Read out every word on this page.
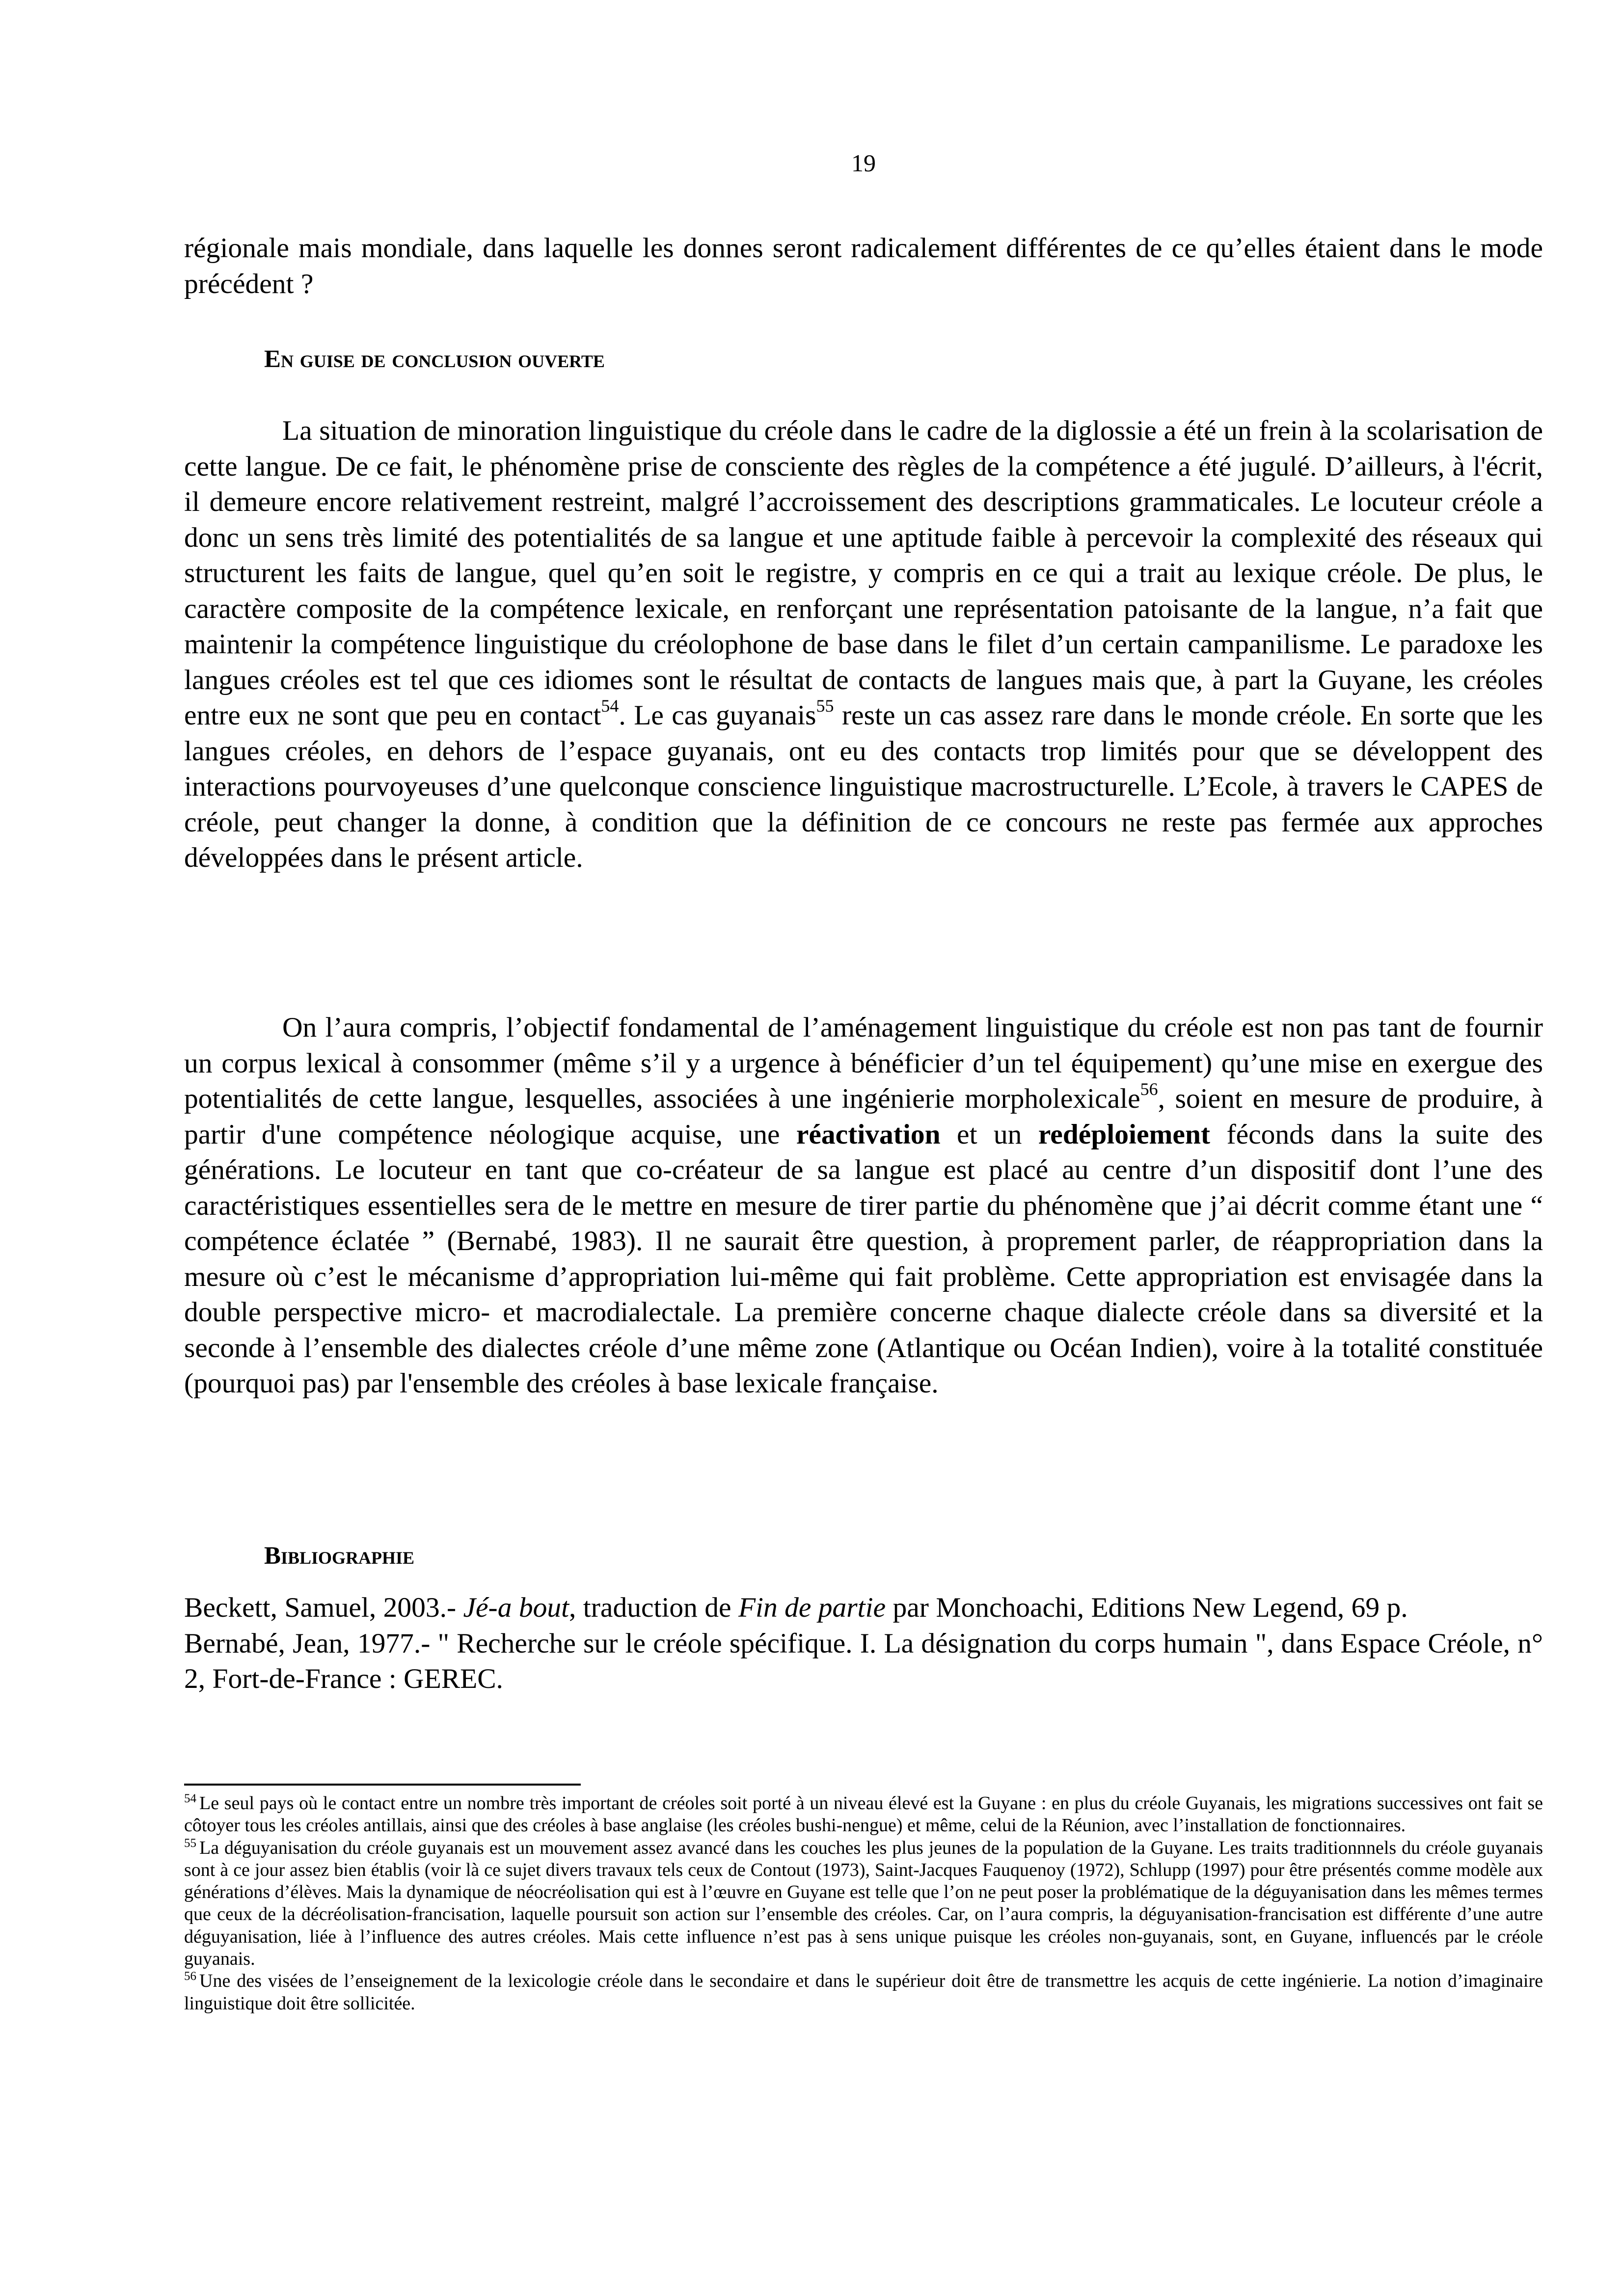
19

régionale mais mondiale, dans laquelle les donnes seront radicalement différentes de ce qu’elles étaient dans le mode précédent ?

En guise de conclusion ouverte

La situation de minoration linguistique du créole dans le cadre de la diglossie a été un frein à la scolarisation de cette langue. De ce fait, le phénomène prise de consciente des règles de la compétence a été jugulé. D’ailleurs, à l'écrit, il demeure encore relativement restreint, malgré l’accroissement des descriptions grammaticales. Le locuteur créole a donc un sens très limité des potentialités de sa langue et une aptitude faible à percevoir la complexité des réseaux qui structurent les faits de langue, quel qu’en soit le registre, y compris en ce qui a trait au lexique créole. De plus, le caractère composite de la compétence lexicale, en renforçant une représentation patoisante de la langue, n’a fait que maintenir la compétence linguistique du créolophone de base dans le filet d’un certain campanilisme. Le paradoxe les langues créoles est tel que ces idiomes sont le résultat de contacts de langues mais que, à part la Guyane, les créoles entre eux ne sont que peu en contact$^{54}$. Le cas guyanais$^{55}$ reste un cas assez rare dans le monde créole. En sorte que les langues créoles, en dehors de l’espace guyanais, ont eu des contacts trop limités pour que se développent des interactions pourvoyeuses d’une quelconque conscience linguistique macrostructurelle. L’Ecole, à travers le CAPES de créole, peut changer la donne, à condition que la définition de ce concours ne reste pas fermée aux approches développées dans le présent article.

On l’aura compris, l’objectif fondamental de l’aménagement linguistique du créole est non pas tant de fournir un corpus lexical à consommer (même s’il y a urgence à bénéficier d’un tel équipement) qu’une mise en exergue des potentialités de cette langue, lesquelles, associées à une ingénierie morpholexicale$^{56}$, soient en mesure de produire, à partir d'une compétence néologique acquise, une réactivation et un redéploiement féconds dans la suite des générations. Le locuteur en tant que co-créateur de sa langue est placé au centre d’un dispositif dont l’une des caractéristiques essentielles sera de le mettre en mesure de tirer partie du phénomène que j’ai décrit comme étant une “ compétence éclatée ” (Bernabé, 1983). Il ne saurait être question, à proprement parler, de réappropriation dans la mesure où c’est le mécanisme d’appropriation lui-même qui fait problème. Cette appropriation est envisagée dans la double perspective micro- et macrodialectale. La première concerne chaque dialecte créole dans sa diversité et la seconde à l’ensemble des dialectes créole d’une même zone (Atlantique ou Océan Indien), voire à la totalité constituée (pourquoi pas) par l'ensemble des créoles à base lexicale française.

Bibliographie

Beckett, Samuel, 2003.- Jé-a bout, traduction de Fin de partie par Monchoachi, Editions New Legend, 69 p.

Bernabé, Jean, 1977.- " Recherche sur le créole spécifique. I. La désignation du corps humain ", dans Espace Créole, n° 2, Fort-de-France : GEREC.

$^{54}$ Le seul pays où le contact entre un nombre très important de créoles soit porté à un niveau élevé est la Guyane : en plus du créole Guyanais, les migrations successives ont fait se côtoyer tous les créoles antillais, ainsi que des créoles à base anglaise (les créoles bushi-nengue) et même, celui de la Réunion, avec l’installation de fonctionnaires.

$^{55}$ La déguyanisation du créole guyanais est un mouvement assez avancé dans les couches les plus jeunes de la population de la Guyane. Les traits traditionnnels du créole guyanais sont à ce jour assez bien établis (voir là ce sujet divers travaux tels ceux de Contout (1973), Saint-Jacques Fauquenoy (1972), Schlupp (1997) pour être présentés comme modèle aux générations d’élèves. Mais la dynamique de néocréolisation qui est à l’œuvre en Guyane est telle que l’on ne peut poser la problématique de la déguyanisation dans les mêmes termes que ceux de la décréolisation-francisation, laquelle poursuit son action sur l’ensemble des créoles. Car, on l’aura compris, la déguyanisation-francisation est différente d’une autre déguyanisation, liée à l’influence des autres créoles. Mais cette influence n’est pas à sens unique puisque les créoles non-guyanais, sont, en Guyane, influencés par le créole guyanais.

$^{56}$ Une des visées de l’enseignement de la lexicologie créole dans le secondaire et dans le supérieur doit être de transmettre les acquis de cette ingénierie. La notion d’imaginaire linguistique doit être sollicitée.
